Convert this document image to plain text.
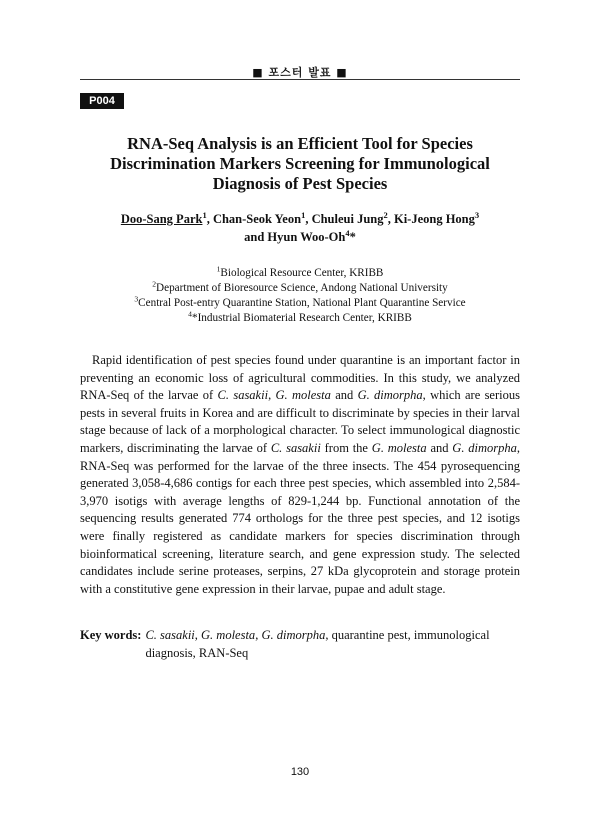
■ 포스터 발표 ■
P004
RNA-Seq Analysis is an Efficient Tool for Species
Discrimination Markers Screening for Immunological
Diagnosis of Pest Species
Doo-Sang Park$^1$, Chan-Seok Yeon$^1$, Chuleui Jung$^2$, Ki-Jeong Hong$^3$
and Hyun Woo-Oh$^4$*
$^1$Biological Resource Center, KRIBB
$^2$Department of Bioresource Science, Andong National University
$^3$Central Post-entry Quarantine Station, National Plant Quarantine Service
$^4$*Industrial Biomaterial Research Center, KRIBB
Rapid identification of pest species found under quarantine is an important factor in preventing an economic loss of agricultural commodities. In this study, we analyzed RNA-Seq of the larvae of C. sasakii, G. molesta and G. dimorpha, which are serious pests in several fruits in Korea and are difficult to discriminate by species in their larval stage because of lack of a morphological character. To select immunological diagnostic markers, discriminating the larvae of C. sasakii from the G. molesta and G. dimorpha, RNA-Seq was performed for the larvae of the three insects. The 454 pyrosequencing generated 3,058-4,686 contigs for each three pest species, which assembled into 2,584-3,970 isotigs with average lengths of 829-1,244 bp. Functional annotation of the sequencing results generated 774 orthologs for the three pest species, and 12 isotigs were finally registered as candidate markers for species discrimination through bioinformatical screening, literature search, and gene expression study. The selected candidates include serine proteases, serpins, 27 kDa glycoprotein and storage protein with a constitutive gene expression in their larvae, pupae and adult stage.
Key words: C. sasakii, G. molesta, G. dimorpha, quarantine pest, immunological diagnosis, RAN-Seq
130
